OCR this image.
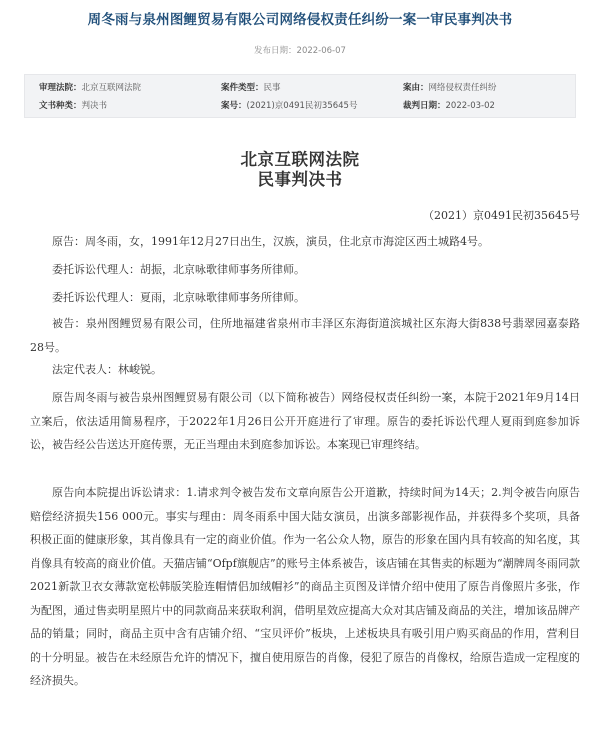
周冬雨与泉州图鲤贸易有限公司网络侵权责任纠纷一案一审民事判决书
发布日期：2022-06-07
审理法院：北京互联网法院	案件类型：民事	案由：网络侵权责任纠纷
文书种类：判决书	案号：(2021)京0491民初35645号	裁判日期：2022-03-02
北京互联网法院
民事判决书
（2021）京0491民初35645号

原告：周冬雨，女，1991年12月27日出生，汉族，演员，住北京市海淀区西土城路4号。

委托诉讼代理人：胡振，北京咏歌律师事务所律师。

委托诉讼代理人：夏雨，北京咏歌律师事务所律师。

被告：泉州图鲤贸易有限公司，住所地福建省泉州市丰泽区东海街道滨城社区东海大街838号翡翠园嘉泰路28号。

法定代表人：林峻锐。

原告周冬雨与被告泉州图鲤贸易有限公司（以下简称被告）网络侵权责任纠纷一案，本院于2021年9月14日立案后，依法适用简易程序，于2022年1月26日公开开庭进行了审理。原告的委托诉讼代理人夏雨到庭参加诉讼，被告经公告送达开庭传票，无正当理由未到庭参加诉讼。本案现已审理终结。

原告向本院提出诉讼请求：1.请求判令被告发布文章向原告公开道歉，持续时间为14天；2.判令被告向原告赔偿经济损失156 000元。事实与理由：周冬雨系中国大陆女演员，出演多部影视作品，并获得多个奖项，具备积极正面的健康形象，其肖像具有一定的商业价值。作为一名公众人物，原告的形象在国内具有较高的知名度，其肖像具有较高的商业价值。天猫店铺“Ofpf旗舰店”的账号主体系被告，该店铺在其售卖的标题为“潮牌周冬雨同款2021新款卫衣女薄款宽松韩版笑脸连帽情侣加绒帽衫”的商品主页图及详情介绍中使用了原告肖像照片多张，作为配图，通过售卖明星照片中的同款商品来获取利润，借明星效应提高大众对其店铺及商品的关注，增加该品牌产品的销量；同时，商品主页中含有店铺介绍、“宝贝评价”板块，上述板块具有吸引用户购买商品的作用，营利目的十分明显。被告在未经原告允许的情况下，擅自使用原告的肖像，侵犯了原告的肖像权，给原告造成一定程度的经济损失。
